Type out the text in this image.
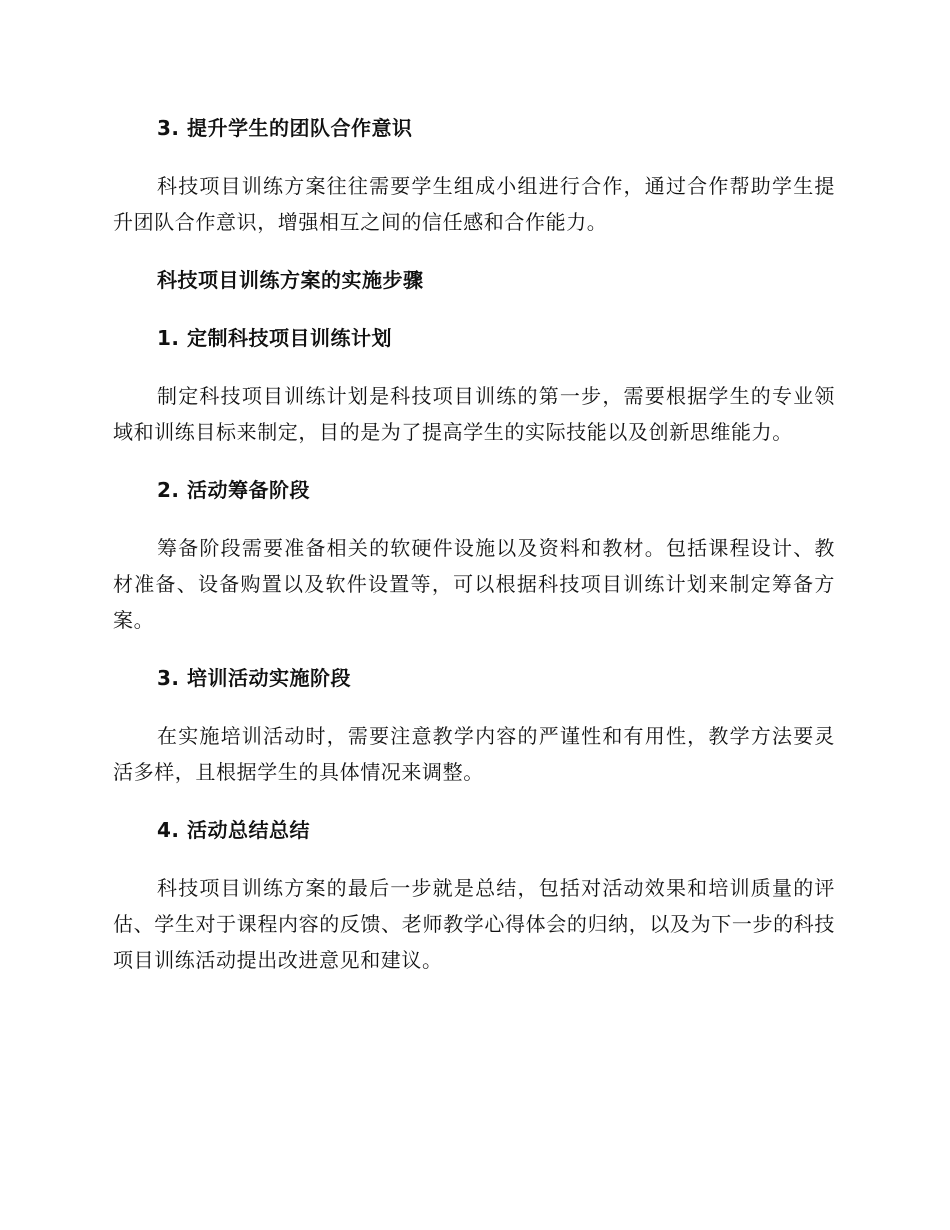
3. 提升学生的团队合作意识

科技项目训练方案往往需要学生组成小组进行合作，通过合作帮助学生提升团队合作意识，增强相互之间的信任感和合作能力。

科技项目训练方案的实施步骤

1. 定制科技项目训练计划

制定科技项目训练计划是科技项目训练的第一步，需要根据学生的专业领域和训练目标来制定，目的是为了提高学生的实际技能以及创新思维能力。

2. 活动筹备阶段

筹备阶段需要准备相关的软硬件设施以及资料和教材。包括课程设计、教材准备、设备购置以及软件设置等，可以根据科技项目训练计划来制定筹备方案。

3. 培训活动实施阶段

在实施培训活动时，需要注意教学内容的严谨性和有用性，教学方法要灵活多样，且根据学生的具体情况来调整。

4. 活动总结总结

科技项目训练方案的最后一步就是总结，包括对活动效果和培训质量的评估、学生对于课程内容的反馈、老师教学心得体会的归纳，以及为下一步的科技项目训练活动提出改进意见和建议。
